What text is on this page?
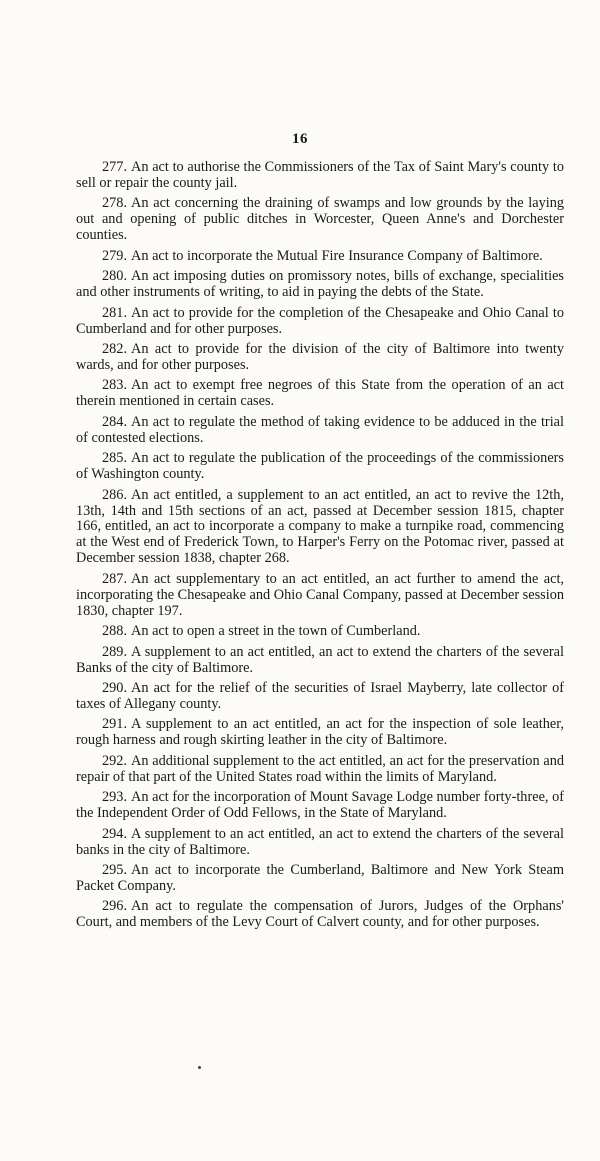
16

277. An act to authorise the Commissioners of the Tax of Saint Mary's county to sell or repair the county jail.

278. An act concerning the draining of swamps and low grounds by the laying out and opening of public ditches in Worcester, Queen Anne's and Dorchester counties.

279. An act to incorporate the Mutual Fire Insurance Company of Baltimore.

280. An act imposing duties on promissory notes, bills of exchange, specialities and other instruments of writing, to aid in paying the debts of the State.

281. An act to provide for the completion of the Chesapeake and Ohio Canal to Cumberland and for other purposes.

282. An act to provide for the division of the city of Baltimore into twenty wards, and for other purposes.

283. An act to exempt free negroes of this State from the operation of an act therein mentioned in certain cases.

284. An act to regulate the method of taking evidence to be adduced in the trial of contested elections.

285. An act to regulate the publication of the proceedings of the commissioners of Washington county.

286. An act entitled, a supplement to an act entitled, an act to revive the 12th, 13th, 14th and 15th sections of an act, passed at December session 1815, chapter 166, entitled, an act to incorporate a company to make a turnpike road, commencing at the West end of Frederick Town, to Harper's Ferry on the Potomac river, passed at December session 1838, chapter 268.

287. An act supplementary to an act entitled, an act further to amend the act, incorporating the Chesapeake and Ohio Canal Company, passed at December session 1830, chapter 197.

288. An act to open a street in the town of Cumberland.

289. A supplement to an act entitled, an act to extend the charters of the several Banks of the city of Baltimore.

290. An act for the relief of the securities of Israel Mayberry, late collector of taxes of Allegany county.

291. A supplement to an act entitled, an act for the inspection of sole leather, rough harness and rough skirting leather in the city of Baltimore.

292. An additional supplement to the act entitled, an act for the preservation and repair of that part of the United States road within the limits of Maryland.

293. An act for the incorporation of Mount Savage Lodge number forty-three, of the Independent Order of Odd Fellows, in the State of Maryland.

294. A supplement to an act entitled, an act to extend the charters of the several banks in the city of Baltimore.

295. An act to incorporate the Cumberland, Baltimore and New York Steam Packet Company.

296. An act to regulate the compensation of Jurors, Judges of the Orphans' Court, and members of the Levy Court of Calvert county, and for other purposes.
